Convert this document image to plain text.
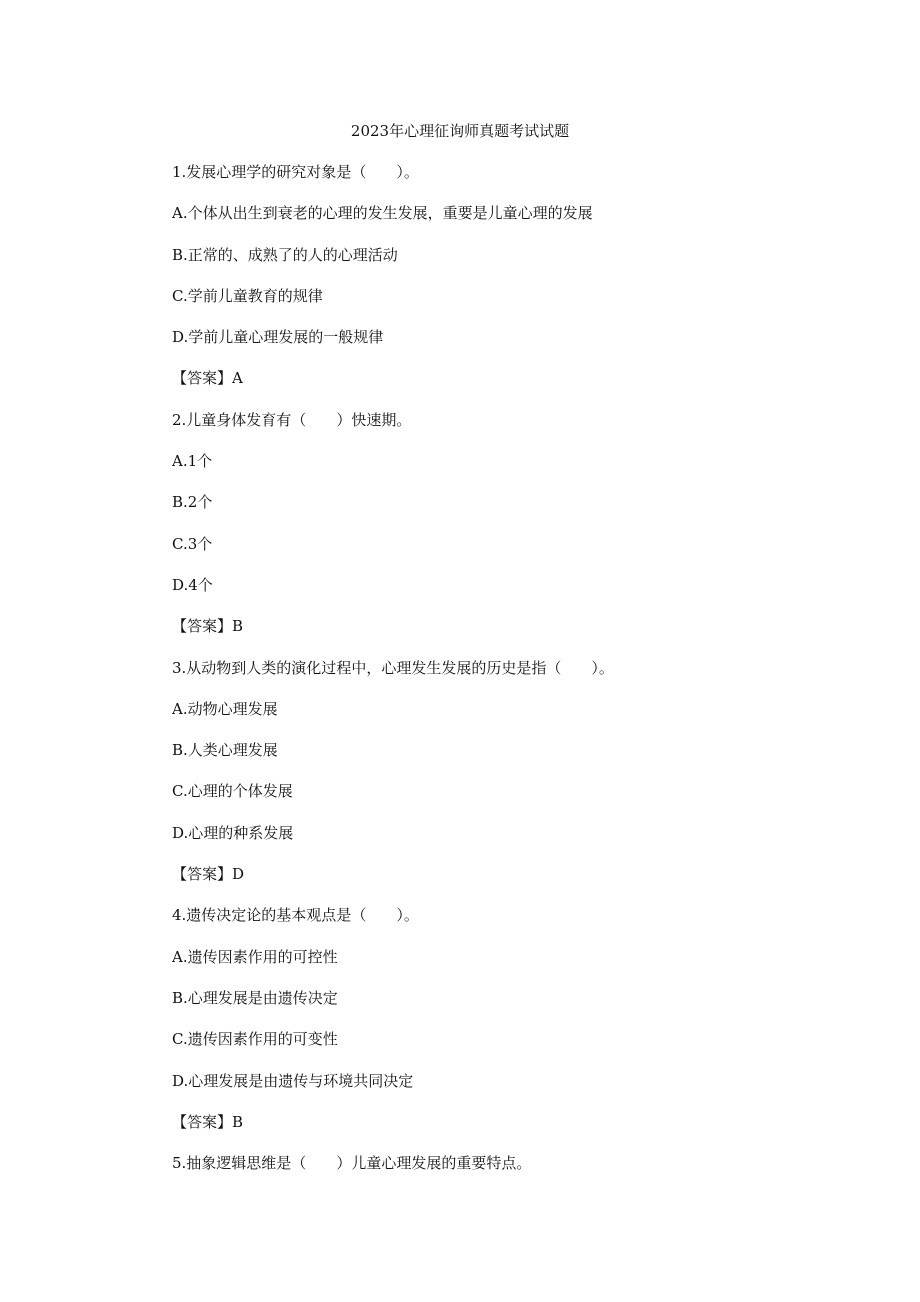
2023年心理征询师真题考试试题
1.发展心理学的研究对象是（　　）。
A.个体从出生到衰老的心理的发生发展，重要是儿童心理的发展
B.正常的、成熟了的人的心理活动
C.学前儿童教育的规律
D.学前儿童心理发展的一般规律
【答案】A
2.儿童身体发育有（　　）快速期。
A.1个
B.2个
C.3个
D.4个
【答案】B
3.从动物到人类的演化过程中，心理发生发展的历史是指（　　）。
A.动物心理发展
B.人类心理发展
C.心理的个体发展
D.心理的种系发展
【答案】D
4.遗传决定论的基本观点是（　　）。
A.遗传因素作用的可控性
B.心理发展是由遗传决定
C.遗传因素作用的可变性
D.心理发展是由遗传与环境共同决定
【答案】B
5.抽象逻辑思维是（　　）儿童心理发展的重要特点。
